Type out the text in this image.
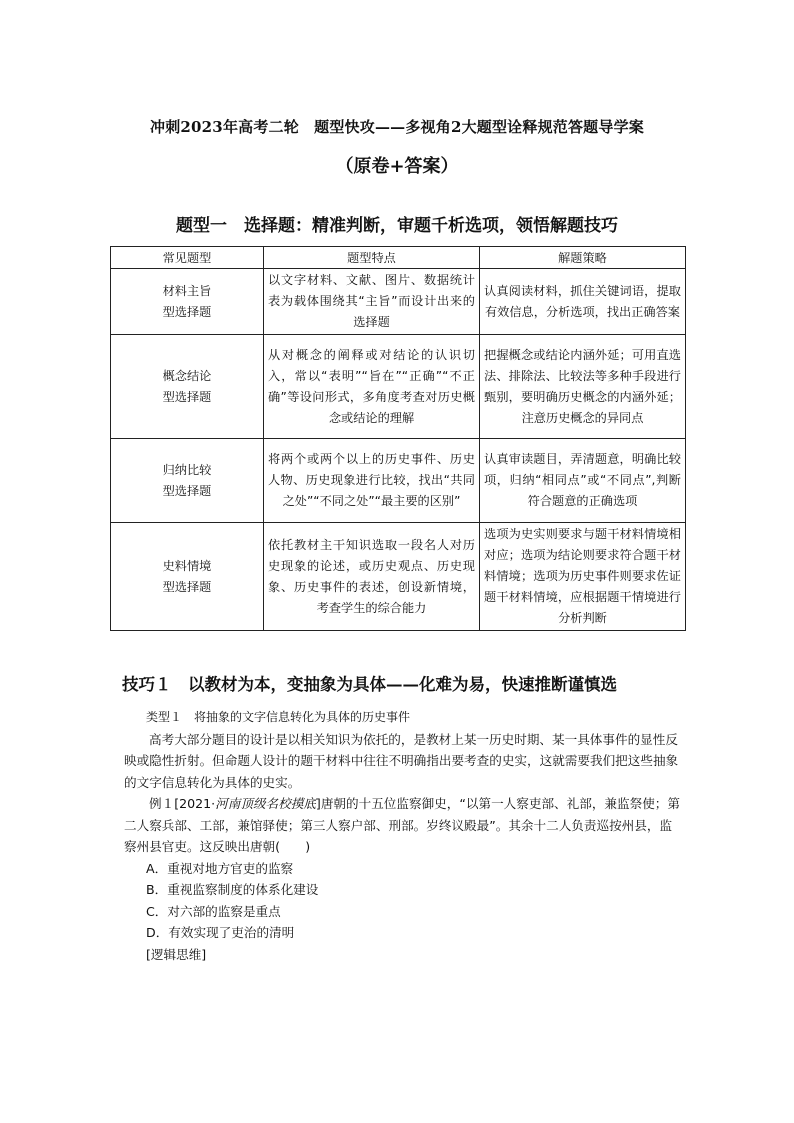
冲刺2023年高考二轮　题型快攻——多视角2大题型诠释规范答题导学案
（原卷+答案）
题型一　选择题：精准判断，审题千析选项，领悟解题技巧
常见题型	题型特点	解题策略
材料主旨
型选择题	以文字材料、文献、图片、数据统计表为载体围绕其“主旨”而设计出来的选择题	认真阅读材料，抓住关键词语，提取有效信息，分析选项，找出正确答案
概念结论
型选择题	从对概念的阐释或对结论的认识切入，常以“表明”“旨在”“正确”“不正确”等设问形式，多角度考查对历史概念或结论的理解	把握概念或结论内涵外延；可用直选法、排除法、比较法等多种手段进行甄别，要明确历史概念的内涵外延；注意历史概念的异同点
归纳比较
型选择题	将两个或两个以上的历史事件、历史人物、历史现象进行比较，找出“共同之处”“不同之处”“最主要的区别”	认真审读题目，弄清题意，明确比较项，归纳“相同点”或“不同点”,判断符合题意的正确选项
史料情境
型选择题	依托教材主干知识选取一段名人对历史现象的论述，或历史观点、历史现象、历史事件的表述，创设新情境，考查学生的综合能力	选项为史实则要求与题干材料情境相对应；选项为结论则要求符合题干材料情境；选项为历史事件则要求佐证题干材料情境，应根据题干情境进行分析判断
技巧１　以教材为本，变抽象为具体——化难为易，快速推断谨慎选

类型１　将抽象的文字信息转化为具体的历史事件

高考大部分题目的设计是以相关知识为依托的，是教材上某一历史时期、某一具体事件的显性反映或隐性折射。但命题人设计的题干材料中往往不明确指出要考查的史实，这就需要我们把这些抽象的文字信息转化为具体的史实。

例１[2021·河南顶级名校摸底]唐朝的十五位监察御史，“以第一人察吏部、礼部，兼监祭使；第二人察兵部、工部，兼馆驿使；第三人察户部、刑部。岁终议殿最”。其余十二人负责巡按州县，监察州县官吏。这反映出唐朝(　　)

A．重视对地方官吏的监察

B．重视监察制度的体系化建设

C．对六部的监察是重点

D．有效实现了吏治的清明

[逻辑思维]
